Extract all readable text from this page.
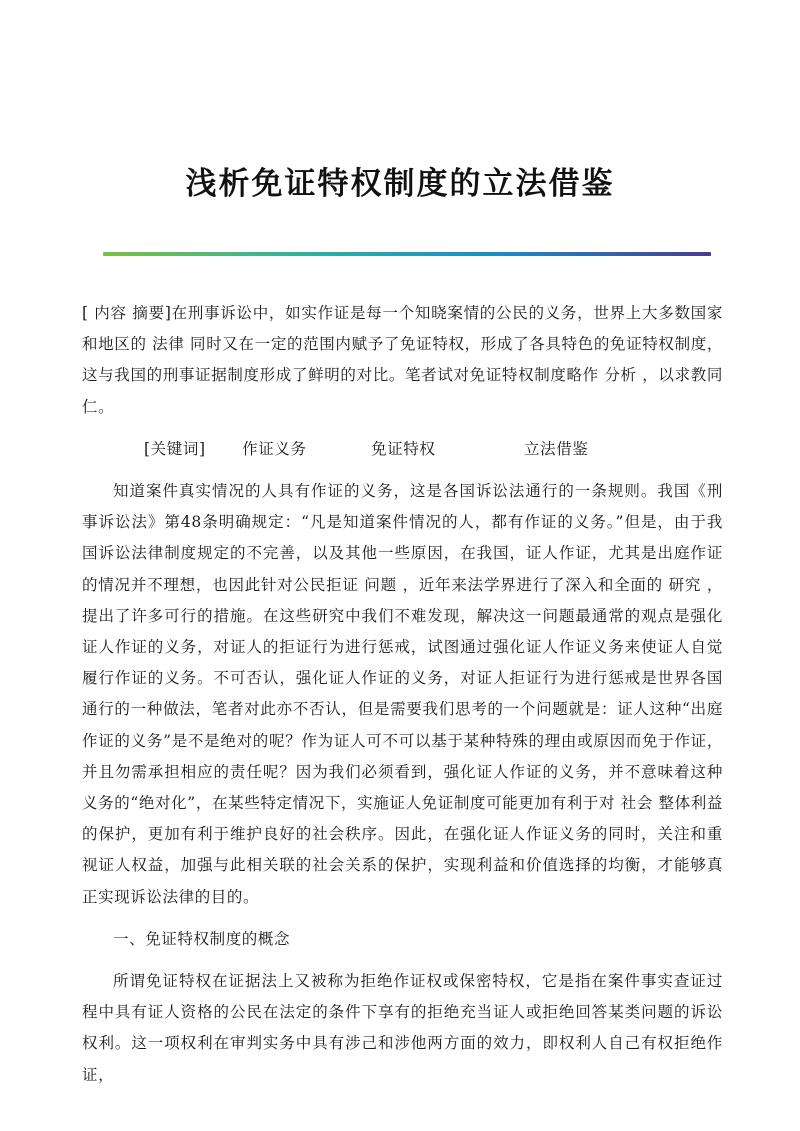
浅析免证特权制度的立法借鉴

[ 内容 摘要]在刑事诉讼中，如实作证是每一个知晓案情的公民的义务，世界上大多数国家和地区的 法律 同时又在一定的范围内赋予了免证特权，形成了各具特色的免证特权制度，这与我国的刑事证据制度形成了鲜明的对比。笔者试对免证特权制度略作 分析 ，以求教同仁。

[关键词] 作证义务	免证特权	立法借鉴

知道案件真实情况的人具有作证的义务，这是各国诉讼法通行的一条规则。我国《刑事诉讼法》第48条明确规定：“凡是知道案件情况的人，都有作证的义务。”但是，由于我国诉讼法律制度规定的不完善，以及其他一些原因，在我国，证人作证，尤其是出庭作证的情况并不理想，也因此针对公民拒证 问题 ，近年来法学界进行了深入和全面的 研究 ，提出了许多可行的措施。在这些研究中我们不难发现，解决这一问题最通常的观点是强化证人作证的义务，对证人的拒证行为进行惩戒，试图通过强化证人作证义务来使证人自觉履行作证的义务。不可否认，强化证人作证的义务，对证人拒证行为进行惩戒是世界各国通行的一种做法，笔者对此亦不否认，但是需要我们思考的一个问题就是：证人这种“出庭作证的义务”是不是绝对的呢？作为证人可不可以基于某种特殊的理由或原因而免于作证，并且勿需承担相应的责任呢？因为我们必须看到，强化证人作证的义务，并不意味着这种义务的“绝对化”，在某些特定情况下，实施证人免证制度可能更加有利于对 社会 整体利益的保护，更加有利于维护良好的社会秩序。因此，在强化证人作证义务的同时，关注和重视证人权益，加强与此相关联的社会关系的保护，实现利益和价值选择的均衡，才能够真正实现诉讼法律的目的。

一、免证特权制度的概念

所谓免证特权在证据法上又被称为拒绝作证权或保密特权，它是指在案件事实查证过程中具有证人资格的公民在法定的条件下享有的拒绝充当证人或拒绝回答某类问题的诉讼权利。这一项权利在审判实务中具有涉己和涉他两方面的效力，即权利人自己有权拒绝作证，
